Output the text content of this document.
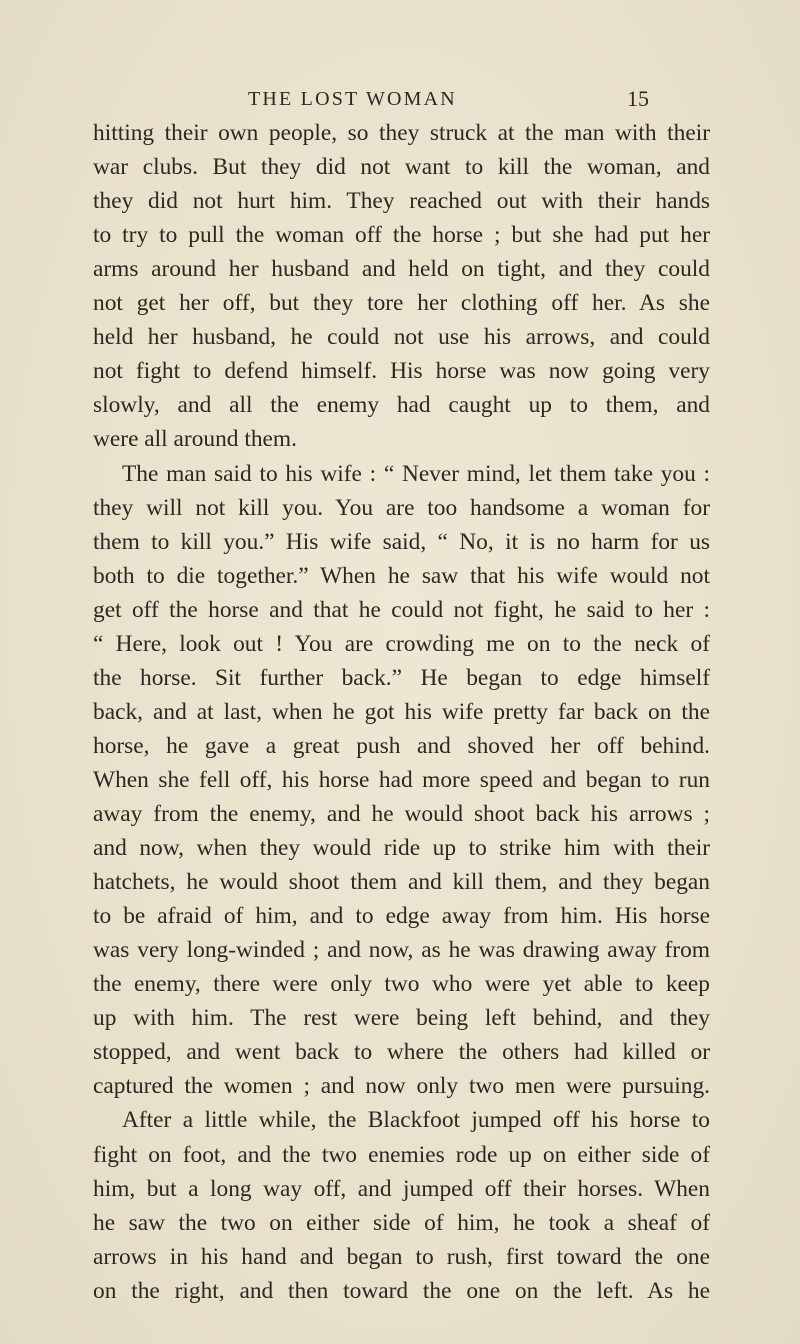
THE LOST WOMAN	15
hitting their own people, so they struck at the man with their
war clubs. But they did not want to kill the woman, and
they did not hurt him. They reached out with their hands
to try to pull the woman off the horse ; but she had put her
arms around her husband and held on tight, and they could
not get her off, but they tore her clothing off her. As she
held her husband, he could not use his arrows, and could
not fight to defend himself. His horse was now going very
slowly, and all the enemy had caught up to them, and
were all around them.
The man said to his wife : “ Never mind, let them take you :
they will not kill you. You are too handsome a woman for
them to kill you.” His wife said, “ No, it is no harm for us
both to die together.” When he saw that his wife would not
get off the horse and that he could not fight, he said to her :
“ Here, look out ! You are crowding me on to the neck of
the horse. Sit further back.” He began to edge himself
back, and at last, when he got his wife pretty far back on the
horse, he gave a great push and shoved her off behind.
When she fell off, his horse had more speed and began to run
away from the enemy, and he would shoot back his arrows ;
and now, when they would ride up to strike him with their
hatchets, he would shoot them and kill them, and they began
to be afraid of him, and to edge away from him. His horse
was very long-winded ; and now, as he was drawing away from
the enemy, there were only two who were yet able to keep
up with him. The rest were being left behind, and they
stopped, and went back to where the others had killed or
captured the women ; and now only two men were pursuing.
After a little while, the Blackfoot jumped off his horse to
fight on foot, and the two enemies rode up on either side of
him, but a long way off, and jumped off their horses. When
he saw the two on either side of him, he took a sheaf of
arrows in his hand and began to rush, first toward the one
on the right, and then toward the one on the left. As he
